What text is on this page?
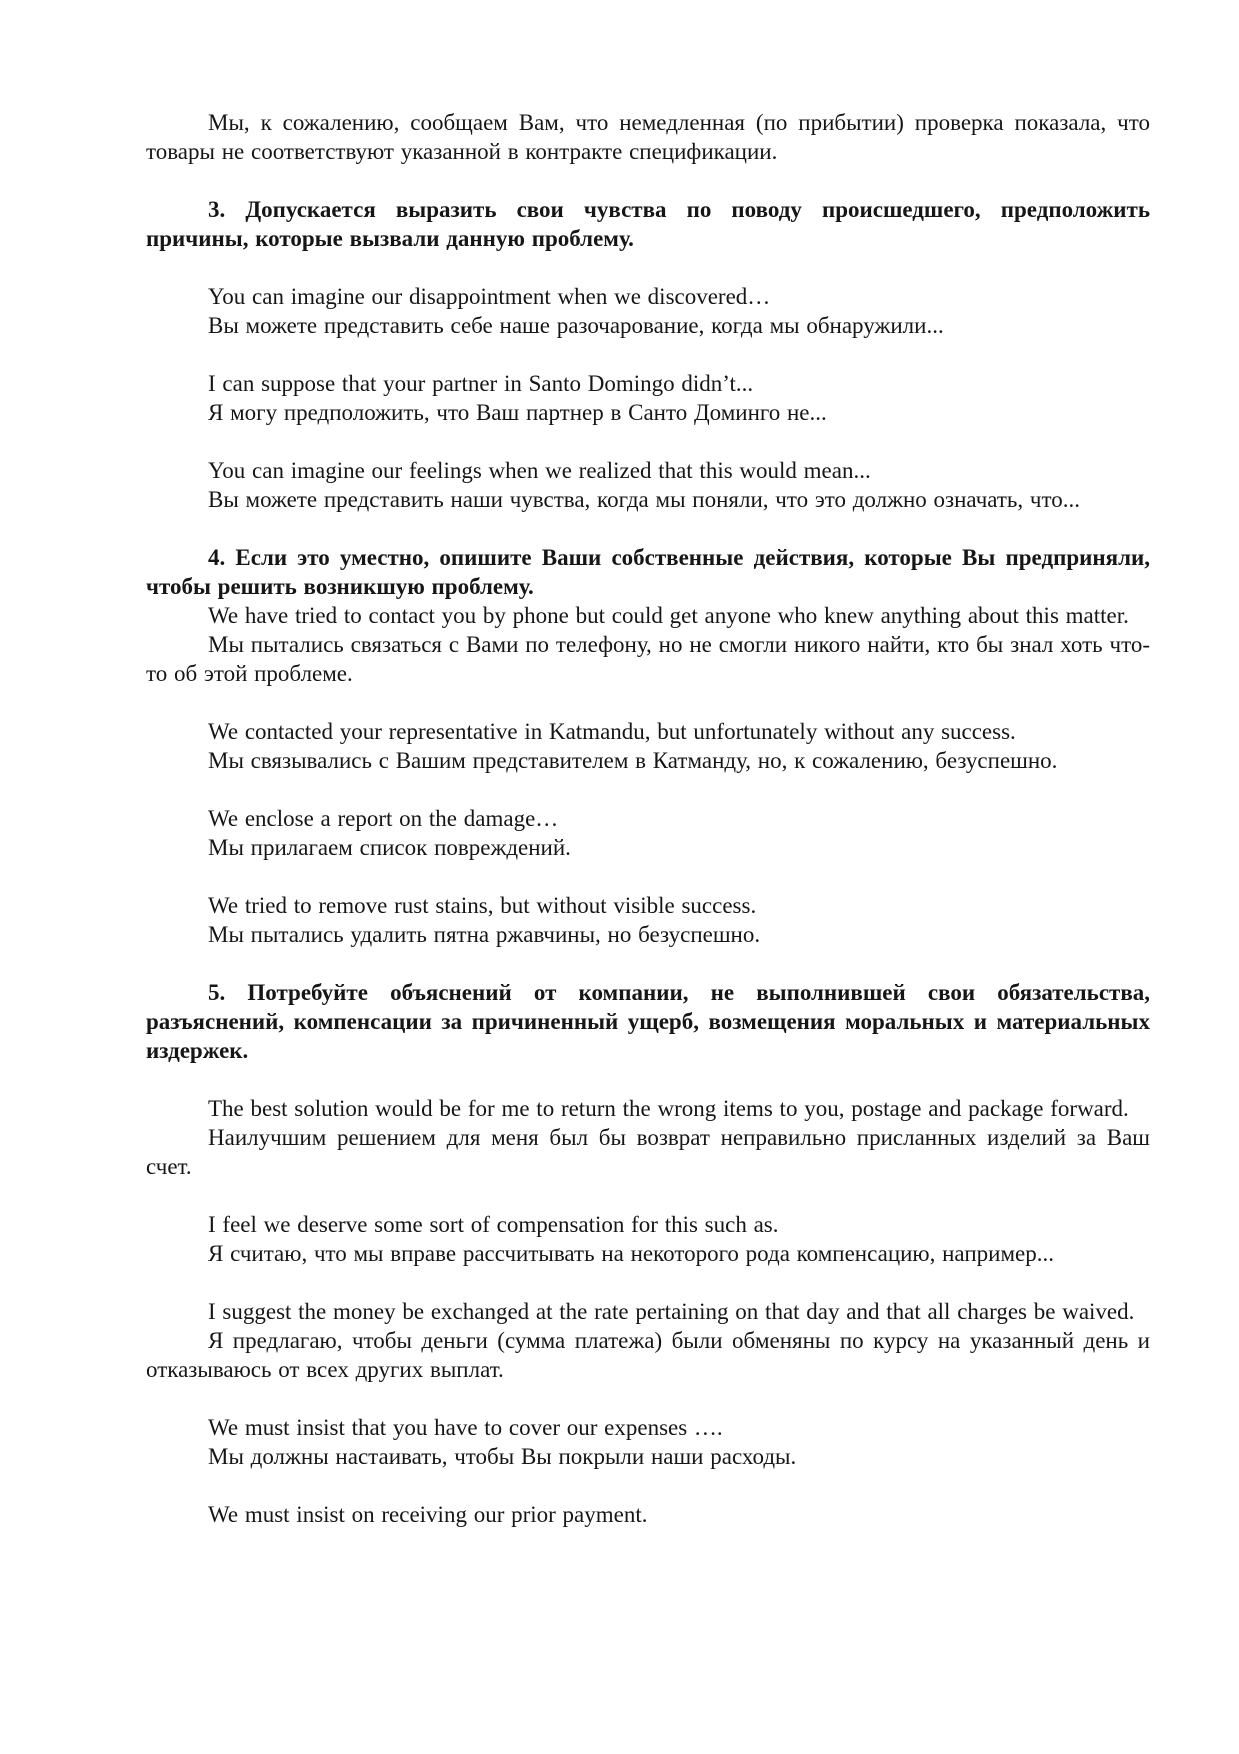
Мы, к сожалению, сообщаем Вам, что немедленная (по прибытии) проверка показала, что товары не соответствуют указанной в контракте спецификации.

3. Допускается выразить свои чувства по поводу происшедшего, предположить причины, которые вызвали данную проблему.

You can imagine our disappointment when we discovered…

Вы можете представить себе наше разочарование, когда мы обнаружили...

I can suppose that your partner in Santo Domingo didn’t...

Я могу предположить, что Ваш партнер в Санто Доминго не...

You can imagine our feelings when we realized that this would mean...

Вы можете представить наши чувства, когда мы поняли, что это должно означать, что...

4. Если это уместно, опишите Ваши собственные действия, которые Вы предприняли, чтобы решить возникшую проблему.

We have tried to contact you by phone but could get anyone who knew anything about this matter.

Мы пытались связаться с Вами по телефону, но не смогли никого найти, кто бы знал хоть что-то об этой проблеме.

We contacted your representative in Katmandu, but unfortunately without any success.

Мы связывались с Вашим представителем в Катманду, но, к сожалению, безуспешно.

We enclose a report on the damage…

Мы прилагаем список повреждений.

We tried to remove rust stains, but without visible success.

Мы пытались удалить пятна ржавчины, но безуспешно.

5. Потребуйте объяснений от компании, не выполнившей свои обязательства, разъяснений, компенсации за причиненный ущерб, возмещения моральных и материальных издержек.

The best solution would be for me to return the wrong items to you, postage and package forward.

Наилучшим решением для меня был бы возврат неправильно присланных изделий за Ваш счет.

I feel we deserve some sort of compensation for this such as.

Я считаю, что мы вправе рассчитывать на некоторого рода компенсацию, например...

I suggest the money be exchanged at the rate pertaining on that day and that all charges be waived.

Я предлагаю, чтобы деньги (сумма платежа) были обменяны по курсу на указанный день и отказываюсь от всех других выплат.

We must insist that you have to cover our expenses ….

Мы должны настаивать, чтобы Вы покрыли наши расходы.

We must insist on receiving our prior payment.
